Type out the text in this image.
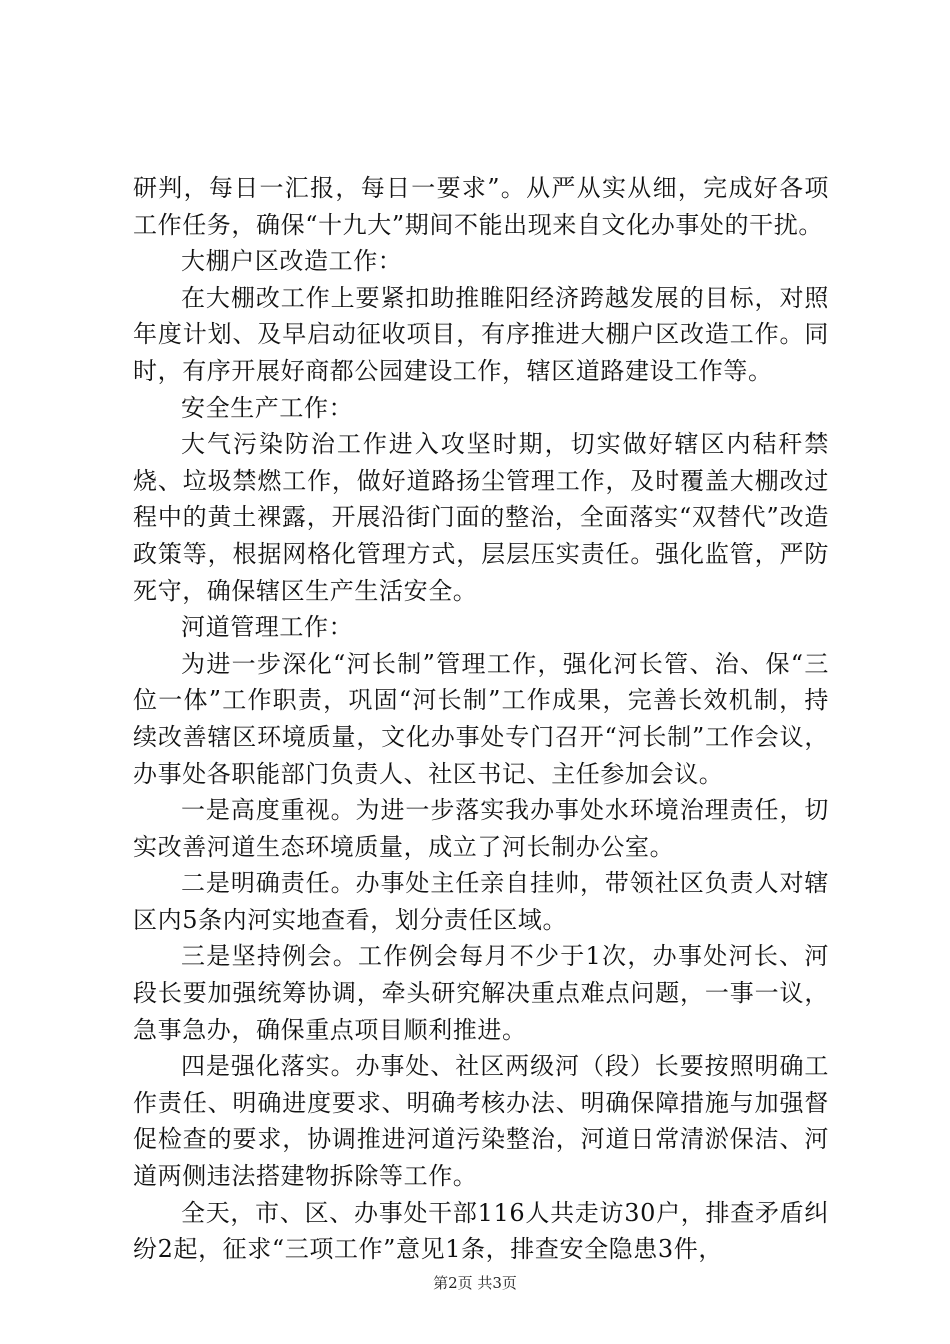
研判，每日一汇报，每日一要求”。从严从实从细，完成好各项工作任务，确保“十九大”期间不能出现来自文化办事处的干扰。

大棚户区改造工作：

在大棚改工作上要紧扣助推睢阳经济跨越发展的目标，对照年度计划、及早启动征收项目，有序推进大棚户区改造工作。同时，有序开展好商都公园建设工作，辖区道路建设工作等。

安全生产工作：

大气污染防治工作进入攻坚时期，切实做好辖区内秸秆禁烧、垃圾禁燃工作，做好道路扬尘管理工作，及时覆盖大棚改过程中的黄土裸露，开展沿街门面的整治，全面落实“双替代”改造政策等，根据网格化管理方式，层层压实责任。强化监管，严防死守，确保辖区生产生活安全。

河道管理工作：

为进一步深化“河长制”管理工作，强化河长管、治、保“三位一体”工作职责，巩固“河长制”工作成果，完善长效机制，持续改善辖区环境质量，文化办事处专门召开“河长制”工作会议，办事处各职能部门负责人、社区书记、主任参加会议。

一是高度重视。为进一步落实我办事处水环境治理责任，切实改善河道生态环境质量，成立了河长制办公室。

二是明确责任。办事处主任亲自挂帅，带领社区负责人对辖区内5条内河实地查看，划分责任区域。

三是坚持例会。工作例会每月不少于1次，办事处河长、河段长要加强统筹协调，牵头研究解决重点难点问题，一事一议，急事急办，确保重点项目顺利推进。

四是强化落实。办事处、社区两级河（段）长要按照明确工作责任、明确进度要求、明确考核办法、明确保障措施与加强督促检查的要求，协调推进河道污染整治，河道日常清淤保洁、河道两侧违法搭建物拆除等工作。

全天，市、区、办事处干部116人共走访30户，排查矛盾纠纷2起，征求“三项工作”意见1条，排查安全隐患3件，

第2页 共3页
